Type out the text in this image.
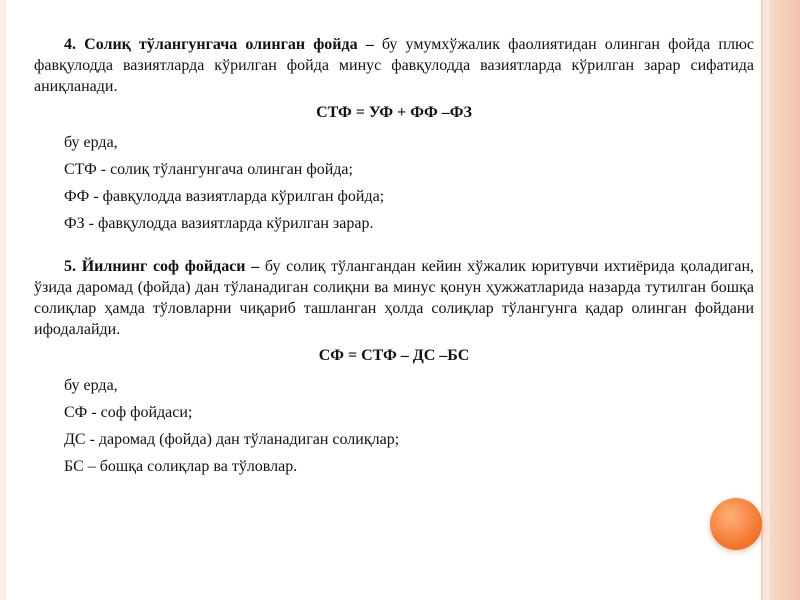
4. Солиқ тўлангунгача олинган фойда – бу умумхўжалик фаолиятидан олинган фойда плюс фавқулодда вазиятларда кўрилган фойда минус фавқулодда вазиятларда кўрилган зарар сифатида аниқланади.

СТФ = УФ + ФФ –ФЗ

бу ерда,

СТФ - солиқ тўлангунгача олинган фойда;

ФФ - фавқулодда вазиятларда кўрилган фойда;

ФЗ - фавқулодда вазиятларда кўрилган зарар.

5. Йилнинг соф фойдаси – бу солиқ тўлангандан кейин хўжалик юритувчи ихтиёрида қоладиган, ўзида даромад (фойда) дан тўланадиган солиқни ва минус қонун ҳужжатларида назарда тутилган бошқа солиқлар ҳамда тўловларни чиқариб ташланган ҳолда солиқлар тўлангунга қадар олинган фойдани ифодалайди.

СФ = СТФ – ДС –БС

бу ерда,

СФ - соф фойдаси;

ДС - даромад (фойда) дан тўланадиган солиқлар;

БС – бошқа солиқлар ва тўловлар.
